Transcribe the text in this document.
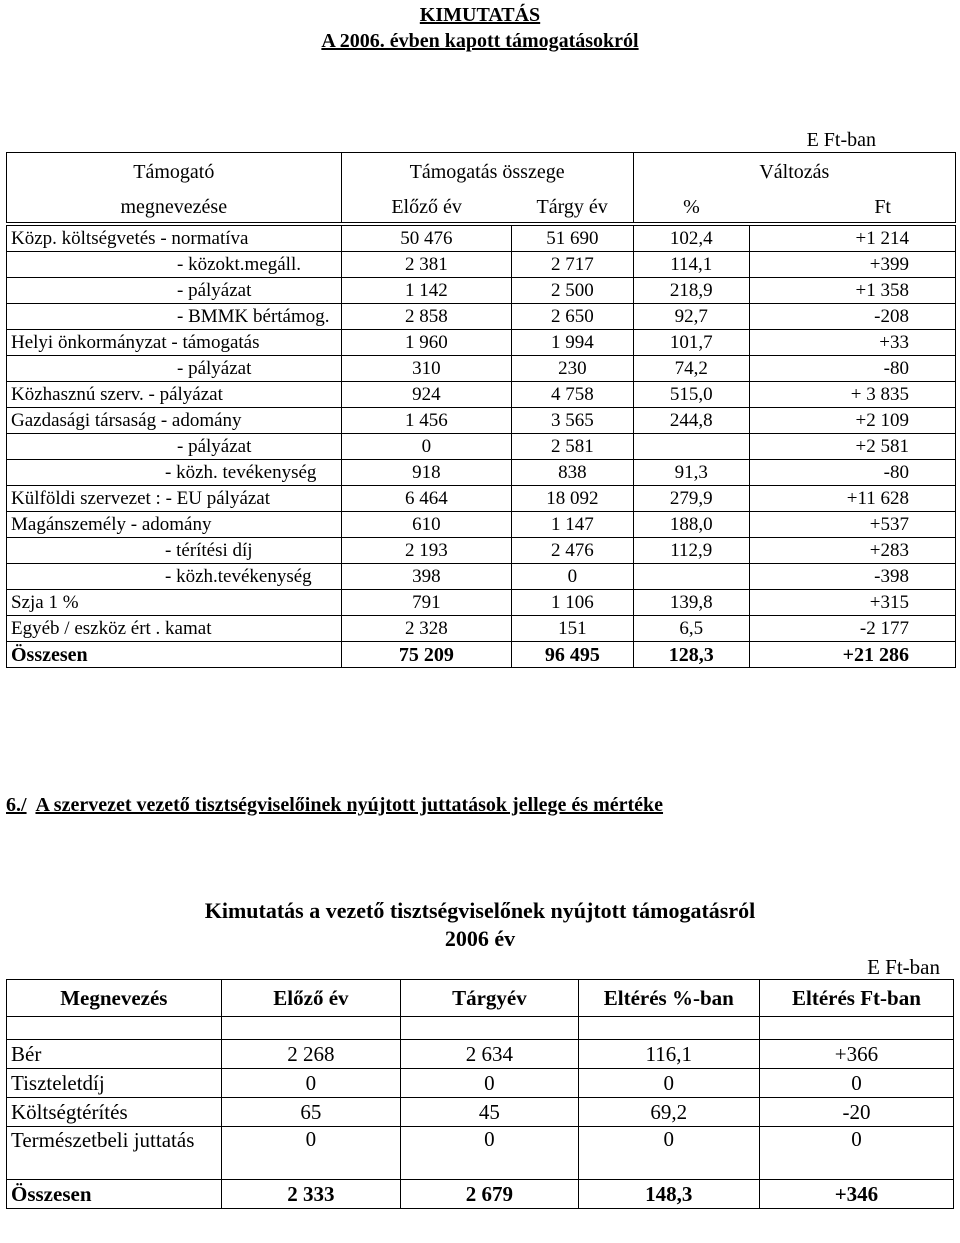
KIMUTATÁS
A 2006. évben kapott támogatásokról
E Ft-ban
Támogató	Támogatás összege		Változás	
megnevezése	Előző év	Tárgy év	%	Ft
Közp. költségvetés - normatíva	50 476	51 690	102,4	+1 214
- közokt.megáll.	2 381	2 717	114,1	+399
- pályázat	1 142	2 500	218,9	+1 358
- BMMK bértámog.	2 858	2 650	92,7	-208
Helyi önkormányzat - támogatás	1 960	1 994	101,7	+33
- pályázat	310	230	74,2	-80
Közhasznú szerv. - pályázat	924	4 758	515,0	+ 3 835
Gazdasági társaság - adomány	1 456	3 565	244,8	+2 109
- pályázat	0	2 581		+2 581
- közh. tevékenység	918	838	91,3	-80
Külföldi szervezet : - EU pályázat	6 464	18 092	279,9	+11 628
Magánszemély - adomány	610	1 147	188,0	+537
- térítési díj	2 193	2 476	112,9	+283
- közh.tevékenység	398	0		-398
Szja 1 %	791	1 106	139,8	+315
Egyéb / eszköz ért . kamat	2 328	151	6,5	-2 177
Összesen	75 209	96 495	128,3	+21 286
6./ A szervezet vezető tisztségviselőinek nyújtott juttatások jellege és mértéke
Kimutatás a vezető tisztségviselőnek nyújtott támogatásról
2006 év
E Ft-ban
Megnevezés	Előző év	Tárgyév	Eltérés %-ban	Eltérés Ft-ban

Bér	2 268	2 634	116,1	+366
Tiszteletdíj	0	0	0	0
Költségtérítés	65	45	69,2	-20
Természetbeli juttatás	0	0	0	0
Összesen	2 333	2 679	148,3	+346
